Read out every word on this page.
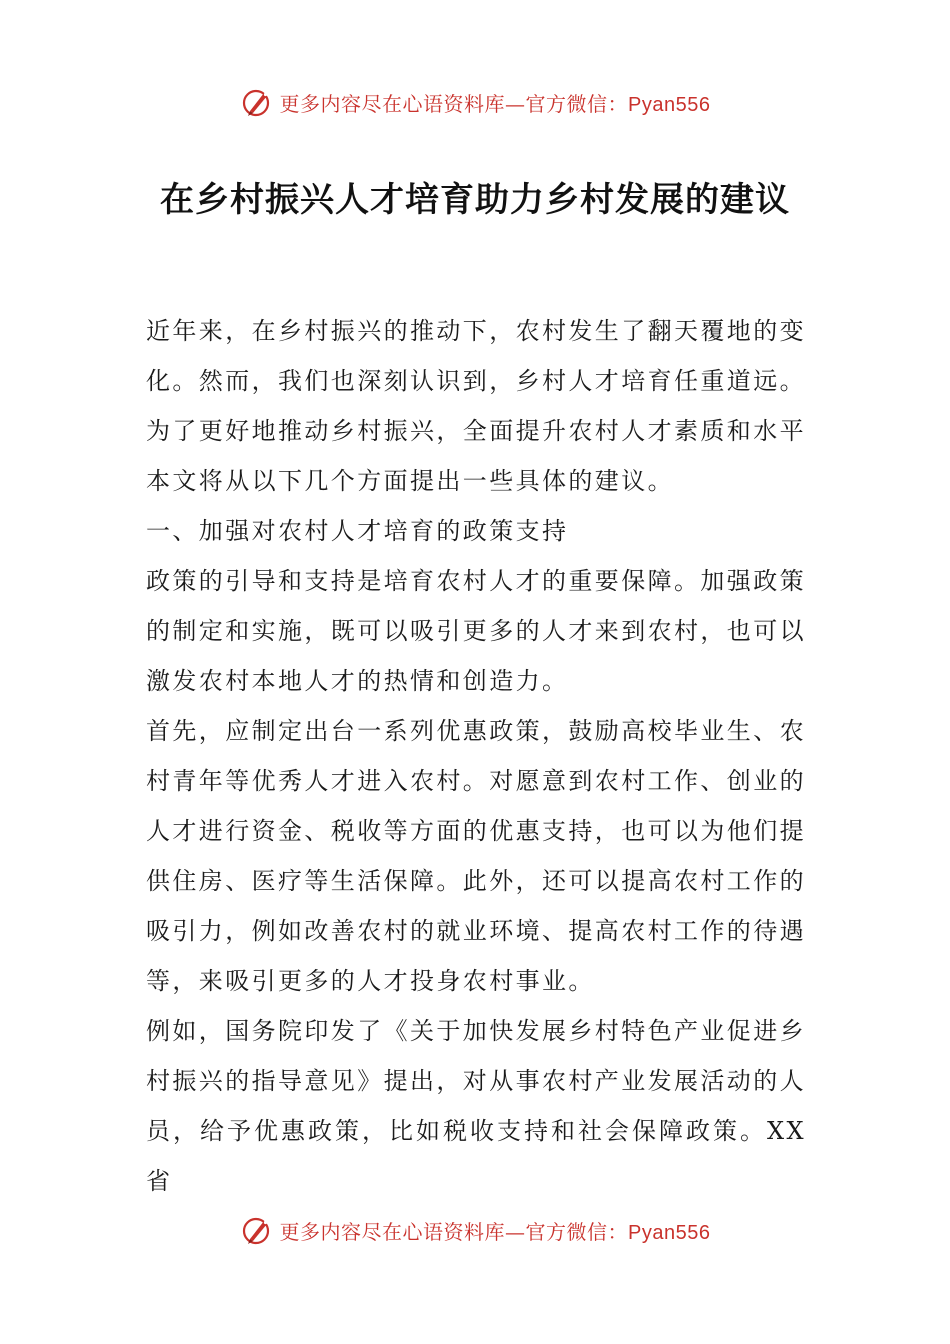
更多内容尽在心语资料库—官方微信：Pyan556
在乡村振兴人才培育助力乡村发展的建议

近年来，在乡村振兴的推动下，农村发生了翻天覆地的变化。然而，我们也深刻认识到，乡村人才培育任重道远。为了更好地推动乡村振兴，全面提升农村人才素质和水平本文将从以下几个方面提出一些具体的建议。

一、加强对农村人才培育的政策支持

政策的引导和支持是培育农村人才的重要保障。加强政策的制定和实施，既可以吸引更多的人才来到农村，也可以激发农村本地人才的热情和创造力。

首先，应制定出台一系列优惠政策，鼓励高校毕业生、农村青年等优秀人才进入农村。对愿意到农村工作、创业的人才进行资金、税收等方面的优惠支持，也可以为他们提供住房、医疗等生活保障。此外，还可以提高农村工作的吸引力，例如改善农村的就业环境、提高农村工作的待遇等，来吸引更多的人才投身农村事业。

例如，国务院印发了《关于加快发展乡村特色产业促进乡村振兴的指导意见》提出，对从事农村产业发展活动的人员，给予优惠政策，比如税收支持和社会保障政策。XX省

更多内容尽在心语资料库—官方微信：Pyan556
